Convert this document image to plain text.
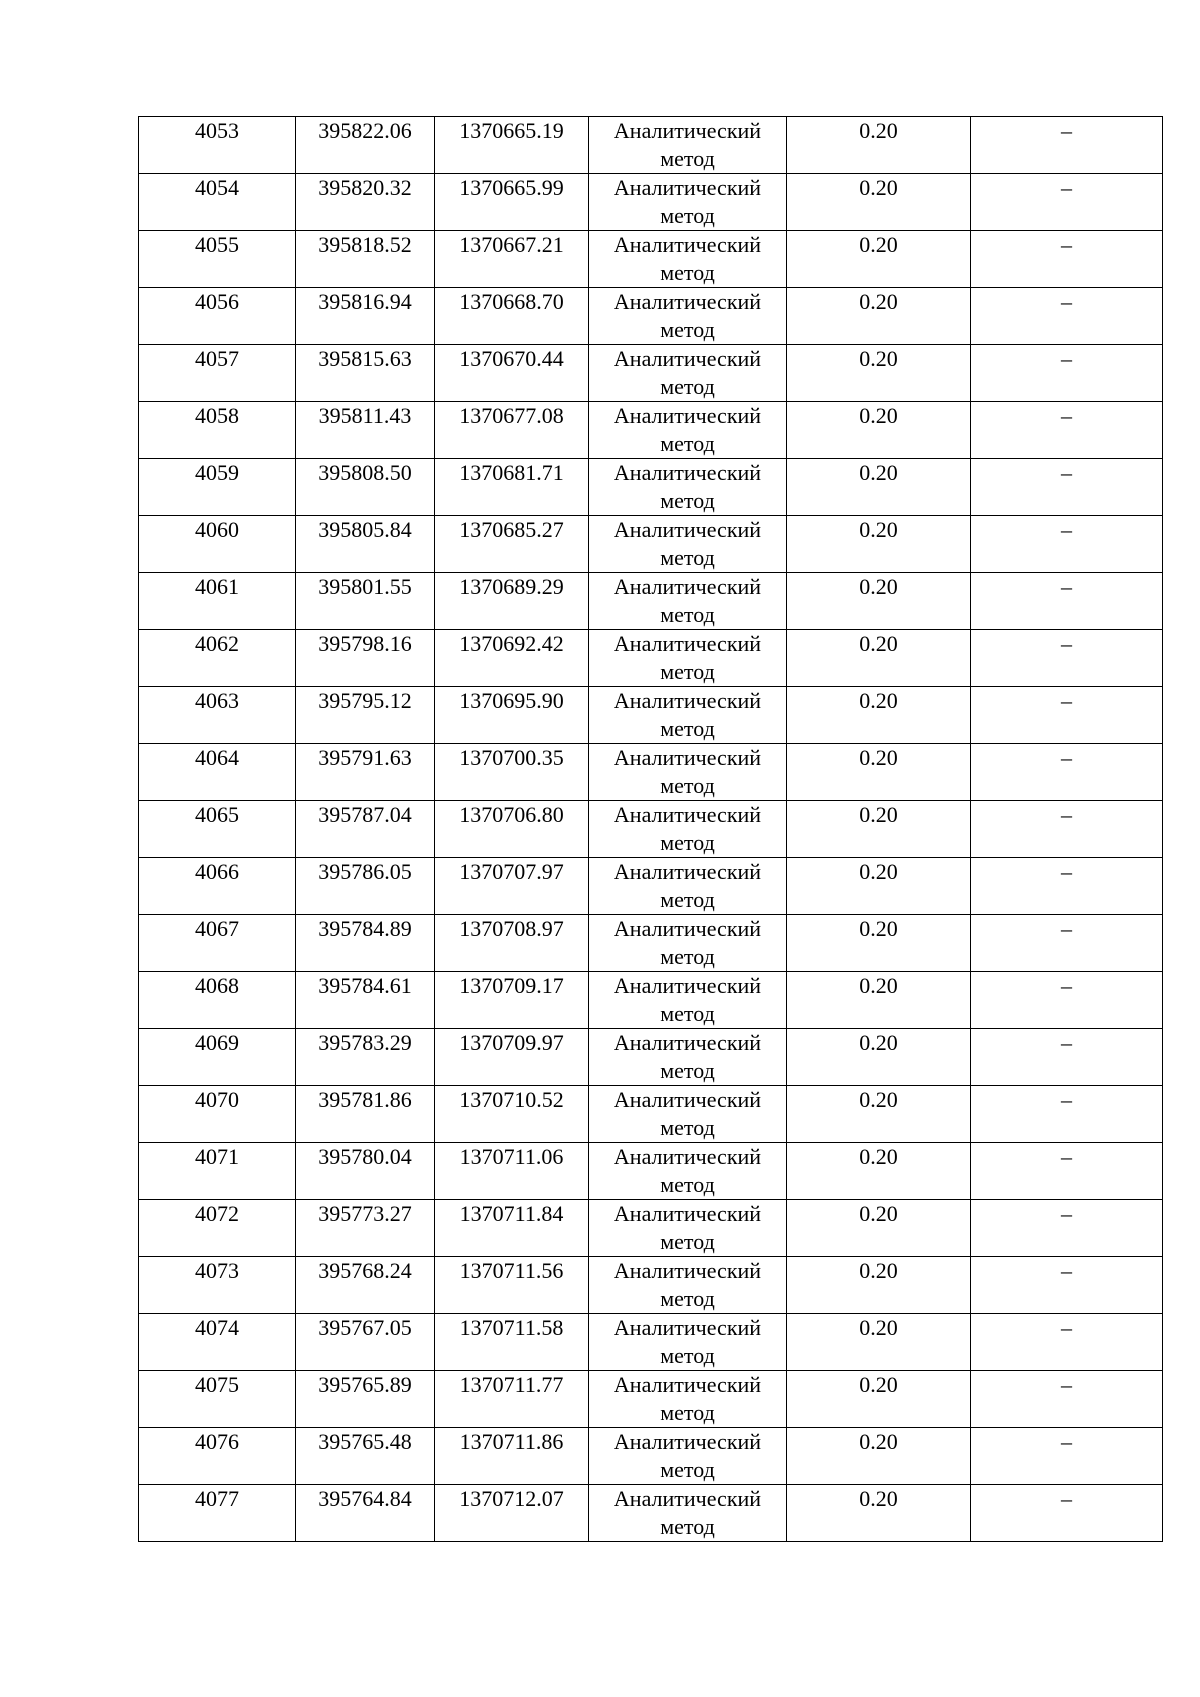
4053	395822.06	1370665.19	Аналитический
метод	0.20	–

4054	395820.32	1370665.99	Аналитический
метод	0.20	–

4055	395818.52	1370667.21	Аналитический
метод	0.20	–

4056	395816.94	1370668.70	Аналитический
метод	0.20	–

4057	395815.63	1370670.44	Аналитический
метод	0.20	–

4058	395811.43	1370677.08	Аналитический
метод	0.20	–

4059	395808.50	1370681.71	Аналитический
метод	0.20	–

4060	395805.84	1370685.27	Аналитический
метод	0.20	–

4061	395801.55	1370689.29	Аналитический
метод	0.20	–

4062	395798.16	1370692.42	Аналитический
метод	0.20	–

4063	395795.12	1370695.90	Аналитический
метод	0.20	–

4064	395791.63	1370700.35	Аналитический
метод	0.20	–

4065	395787.04	1370706.80	Аналитический
метод	0.20	–

4066	395786.05	1370707.97	Аналитический
метод	0.20	–

4067	395784.89	1370708.97	Аналитический
метод	0.20	–

4068	395784.61	1370709.17	Аналитический
метод	0.20	–

4069	395783.29	1370709.97	Аналитический
метод	0.20	–

4070	395781.86	1370710.52	Аналитический
метод	0.20	–

4071	395780.04	1370711.06	Аналитический
метод	0.20	–

4072	395773.27	1370711.84	Аналитический
метод	0.20	–

4073	395768.24	1370711.56	Аналитический
метод	0.20	–

4074	395767.05	1370711.58	Аналитический
метод	0.20	–

4075	395765.89	1370711.77	Аналитический
метод	0.20	–

4076	395765.48	1370711.86	Аналитический
метод	0.20	–

4077	395764.84	1370712.07	Аналитический
метод	0.20	–
